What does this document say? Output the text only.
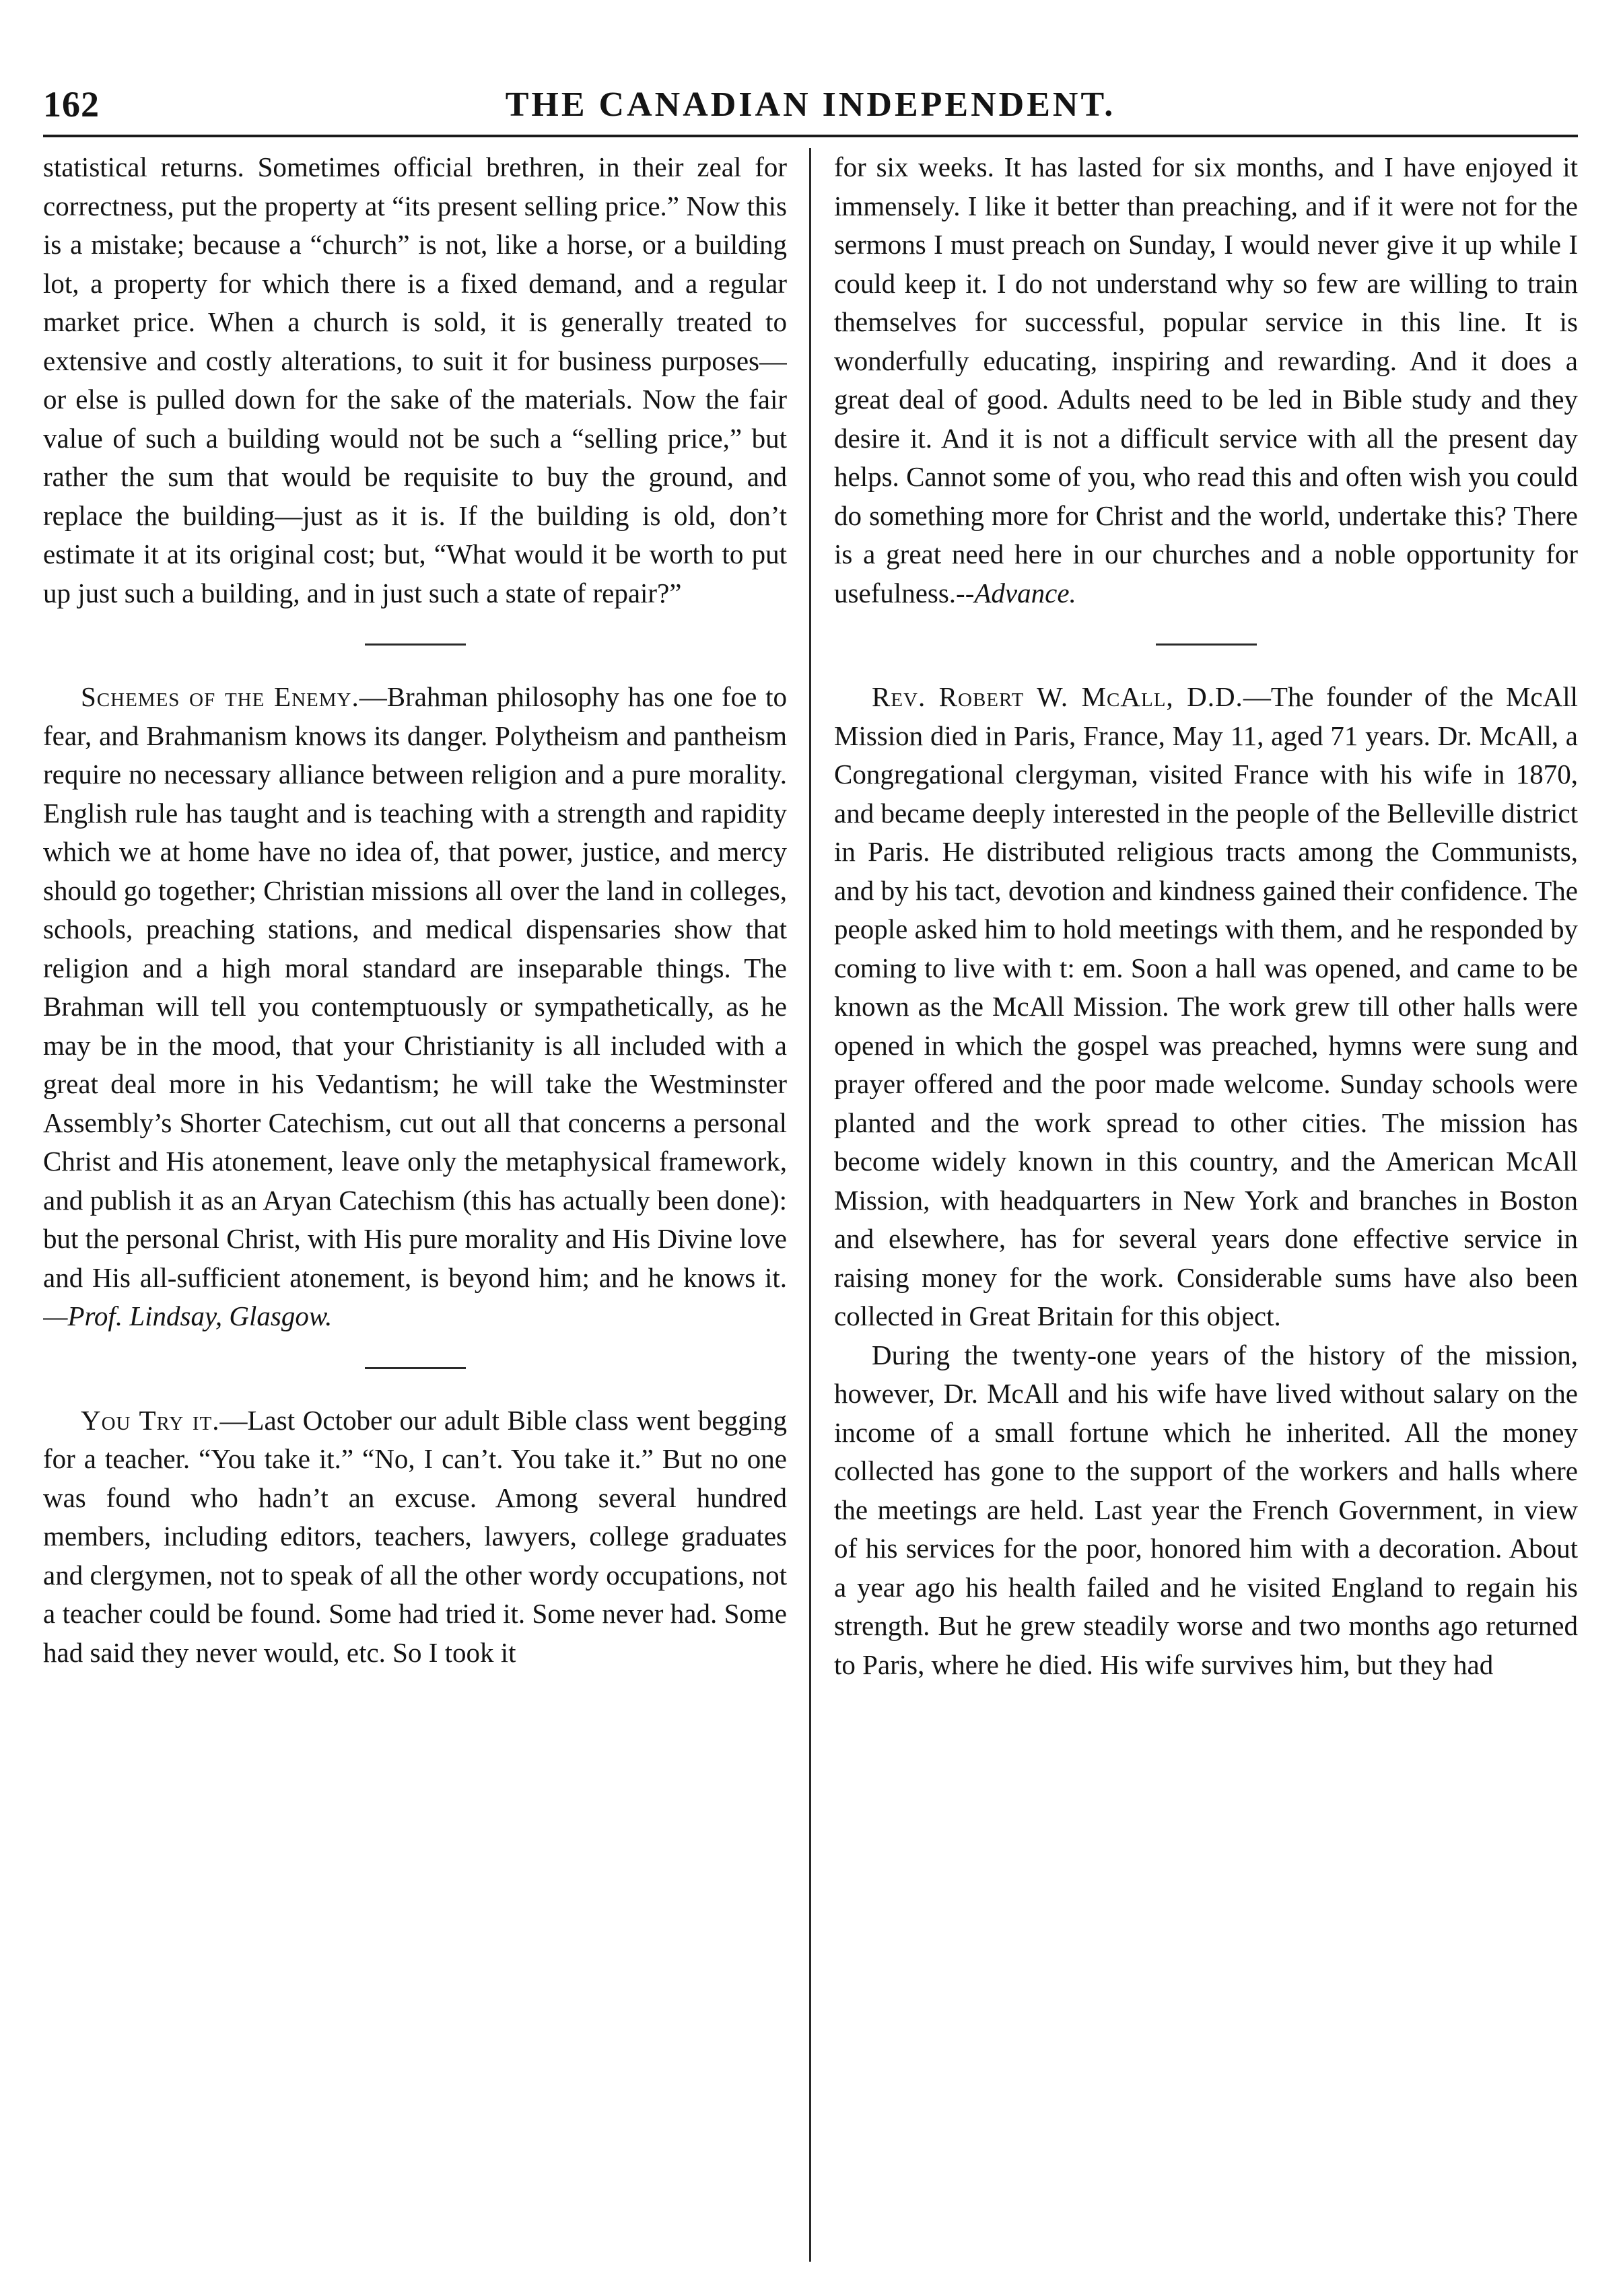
162	THE CANADIAN INDEPENDENT.

statistical returns. Sometimes official brethren, in their zeal for correctness, put the property at “its present selling price.” Now this is a mistake; because a “church” is not, like a horse, or a building lot, a property for which there is a fixed demand, and a regular market price. When a church is sold, it is generally treated to extensive and costly alterations, to suit it for business purposes—or else is pulled down for the sake of the materials. Now the fair value of such a building would not be such a “selling price,” but rather the sum that would be requisite to buy the ground, and replace the building—just as it is. If the building is old, don’t estimate it at its original cost; but, “What would it be worth to put up just such a building, and in just such a state of repair?”

Schemes of the Enemy.—Brahman philosophy has one foe to fear, and Brahmanism knows its danger. Polytheism and pantheism require no necessary alliance between religion and a pure morality. English rule has taught and is teaching with a strength and rapidity which we at home have no idea of, that power, justice, and mercy should go together; Christian missions all over the land in colleges, schools, preaching stations, and medical dispensaries show that religion and a high moral standard are inseparable things. The Brahman will tell you contemptuously or sympathetically, as he may be in the mood, that your Christianity is all included with a great deal more in his Vedantism; he will take the Westminster Assembly’s Shorter Catechism, cut out all that concerns a personal Christ and His atonement, leave only the metaphysical framework, and publish it as an Aryan Catechism (this has actually been done): but the personal Christ, with His pure morality and His Divine love and His all-sufficient atonement, is beyond him; and he knows it. —Prof. Lindsay, Glasgow.

You Try it.—Last October our adult Bible class went begging for a teacher. “You take it.” “No, I can’t. You take it.” But no one was found who hadn’t an excuse. Among several hundred members, including editors, teachers, lawyers, college graduates and clergymen, not to speak of all the other wordy occupations, not a teacher could be found. Some had tried it. Some never had. Some had said they never would, etc. So I took it

for six weeks. It has lasted for six months, and I have enjoyed it immensely. I like it better than preaching, and if it were not for the sermons I must preach on Sunday, I would never give it up while I could keep it. I do not understand why so few are willing to train themselves for successful, popular service in this line. It is wonderfully educating, inspiring and rewarding. And it does a great deal of good. Adults need to be led in Bible study and they desire it. And it is not a difficult service with all the present day helps. Cannot some of you, who read this and often wish you could do something more for Christ and the world, undertake this? There is a great need here in our churches and a noble opportunity for usefulness.--Advance.

Rev. Robert W. McAll, D.D.—The founder of the McAll Mission died in Paris, France, May 11, aged 71 years. Dr. McAll, a Congregational clergyman, visited France with his wife in 1870, and became deeply interested in the people of the Belleville district in Paris. He distributed religious tracts among the Communists, and by his tact, devotion and kindness gained their confidence. The people asked him to hold meetings with them, and he responded by coming to live with t: em. Soon a hall was opened, and came to be known as the McAll Mission. The work grew till other halls were opened in which the gospel was preached, hymns were sung and prayer offered and the poor made welcome. Sunday schools were planted and the work spread to other cities. The mission has become widely known in this country, and the American McAll Mission, with headquarters in New York and branches in Boston and elsewhere, has for several years done effective service in raising money for the work. Considerable sums have also been collected in Great Britain for this object.

During the twenty-one years of the history of the mission, however, Dr. McAll and his wife have lived without salary on the income of a small fortune which he inherited. All the money collected has gone to the support of the workers and halls where the meetings are held. Last year the French Government, in view of his services for the poor, honored him with a decoration. About a year ago his health failed and he visited England to regain his strength. But he grew steadily worse and two months ago returned to Paris, where he died. His wife survives him, but they had
